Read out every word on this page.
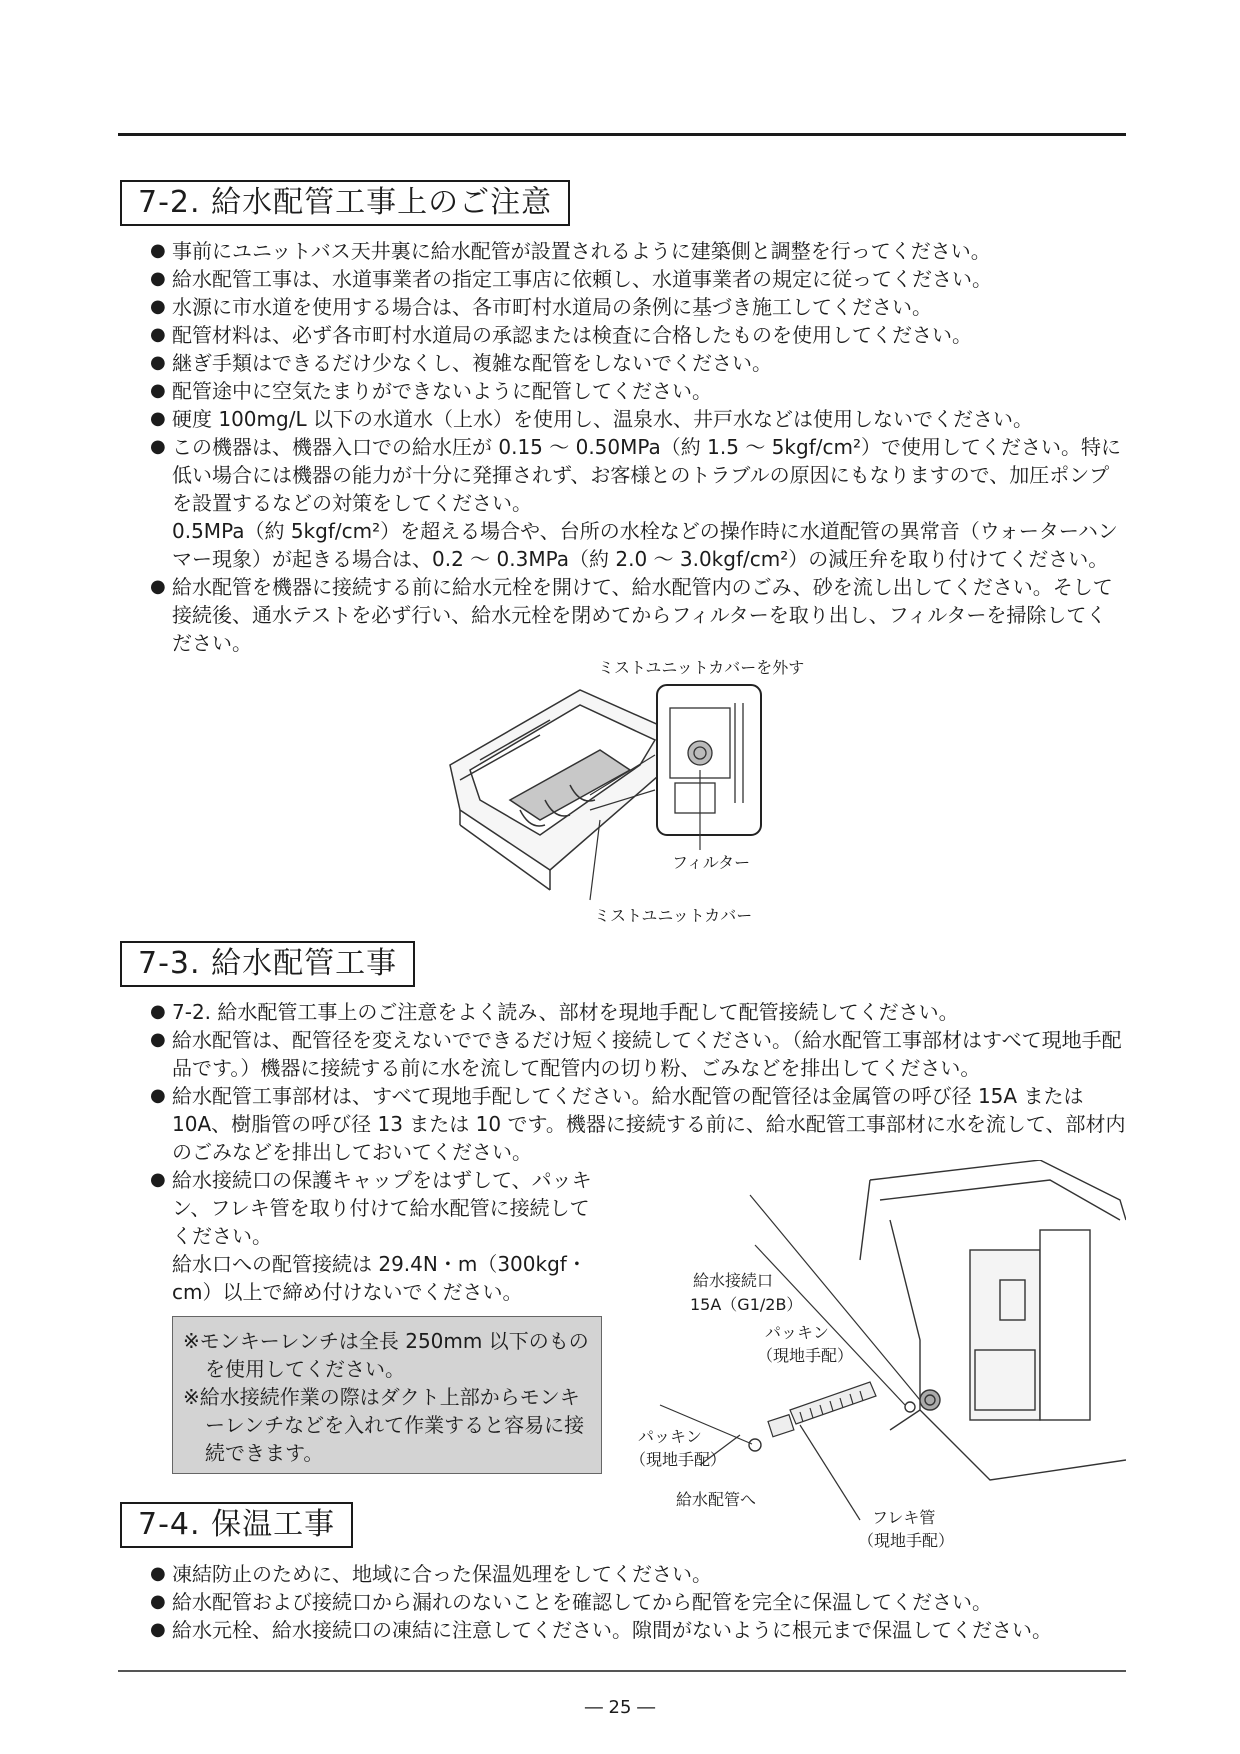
7-2. 給水配管工事上のご注意
● 事前にユニットバス天井裏に給水配管が設置されるように建築側と調整を行ってください。
● 給水配管工事は、水道事業者の指定工事店に依頼し、水道事業者の規定に従ってください。
● 水源に市水道を使用する場合は、各市町村水道局の条例に基づき施工してください。
● 配管材料は、必ず各市町村水道局の承認または検査に合格したものを使用してください。
● 継ぎ手類はできるだけ少なくし、複雑な配管をしないでください。
● 配管途中に空気たまりができないように配管してください。
● 硬度 100mg/L 以下の水道水（上水）を使用し、温泉水、井戸水などは使用しないでください。
● この機器は、機器入口での給水圧が 0.15 ～ 0.50MPa（約 1.5 ～ 5kgf/cm²）で使用してください。特に低い場合には機器の能力が十分に発揮されず、お客様とのトラブルの原因にもなりますので、加圧ポンプを設置するなどの対策をしてください。
0.5MPa（約 5kgf/cm²）を超える場合や、台所の水栓などの操作時に水道配管の異常音（ウォーターハンマー現象）が起きる場合は、0.2 ～ 0.3MPa（約 2.0 ～ 3.0kgf/cm²）の減圧弁を取り付けてください。
● 給水配管を機器に接続する前に給水元栓を開けて、給水配管内のごみ、砂を流し出してください。そして接続後、通水テストを必ず行い、給水元栓を閉めてからフィルターを取り出し、フィルターを掃除してください。
ミストユニットカバーを外す
フィルター
ミストユニットカバー
7-3. 給水配管工事
● 7-2. 給水配管工事上のご注意をよく読み、部材を現地手配して配管接続してください。
● 給水配管は、配管径を変えないでできるだけ短く接続してください。（給水配管工事部材はすべて現地手配品です。）機器に接続する前に水を流して配管内の切り粉、ごみなどを排出してください。
● 給水配管工事部材は、すべて現地手配してください。給水配管の配管径は金属管の呼び径 15A または 10A、樹脂管の呼び径 13 または 10 です。機器に接続する前に、給水配管工事部材に水を流して、部材内のごみなどを排出しておいてください。
● 給水接続口の保護キャップをはずして、パッキン、フレキ管を取り付けて給水配管に接続してください。
給水口への配管接続は 29.4N・m（300kgf・cm）以上で締め付けないでください。
※モンキーレンチは全長 250mm 以下のものを使用してください。
※給水接続作業の際はダクト上部からモンキーレンチなどを入れて作業すると容易に接続できます。
給水接続口
15A（G1/2B）
パッキン
（現地手配）
パッキン
（現地手配）
給水配管へ
フレキ管
（現地手配）
7-4. 保温工事
● 凍結防止のために、地域に合った保温処理をしてください。
● 給水配管および接続口から漏れのないことを確認してから配管を完全に保温してください。
● 給水元栓、給水接続口の凍結に注意してください。隙間がないように根元まで保温してください。
― 25 ―
